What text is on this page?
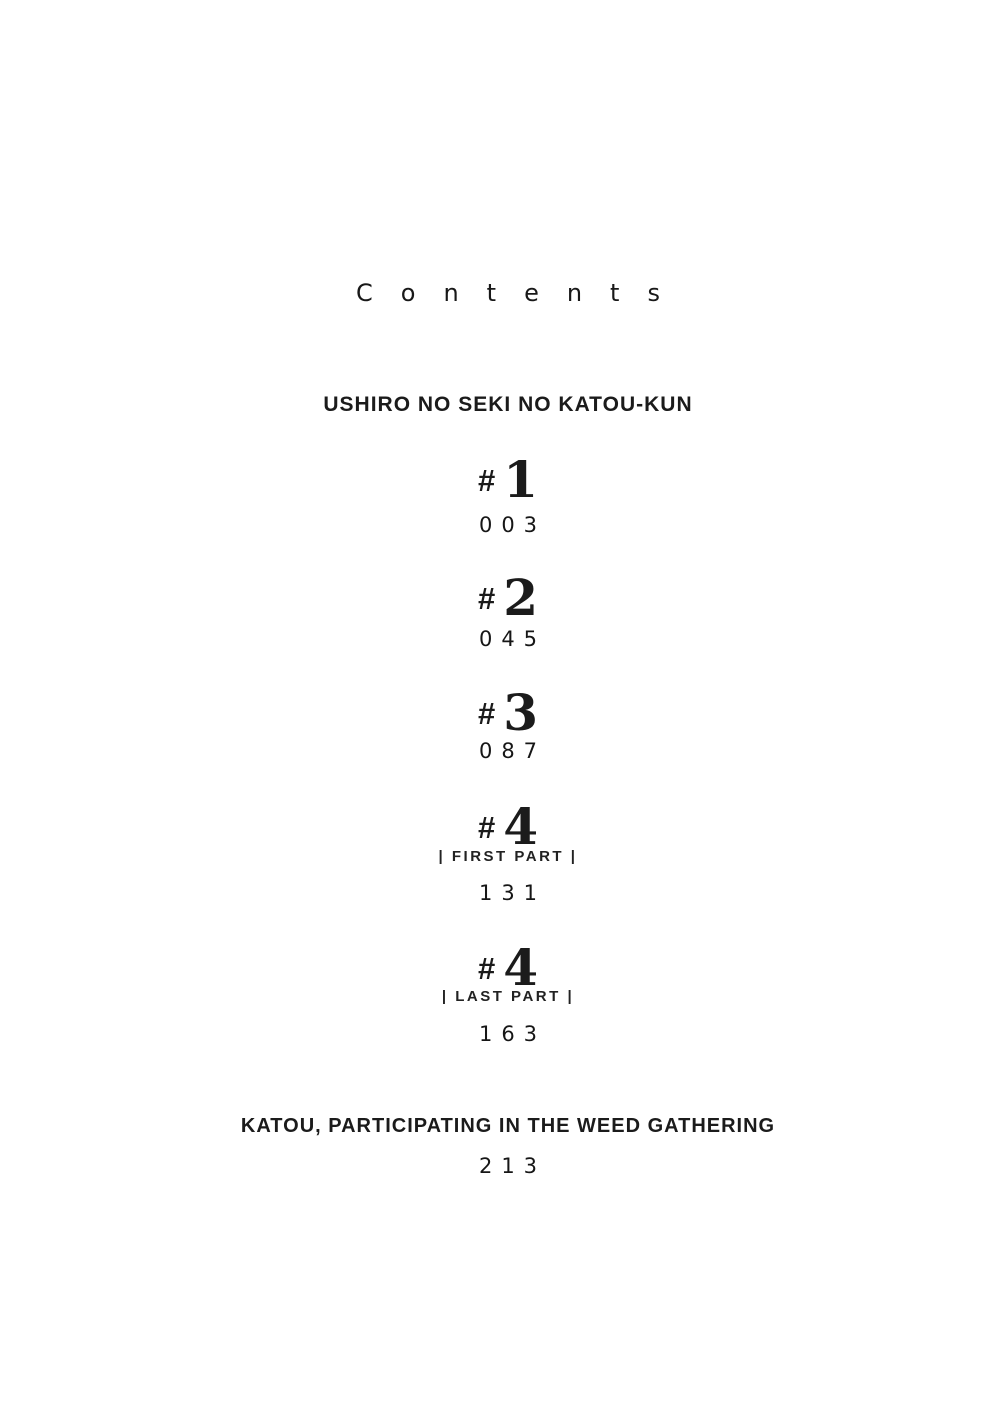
Contents
USHIRO NO SEKI NO KATOU-KUN
# 1
003
# 2
045
# 3
087
# 4
| FIRST PART |
131
# 4
| LAST PART |
163
KATOU, PARTICIPATING IN THE WEED GATHERING
213
